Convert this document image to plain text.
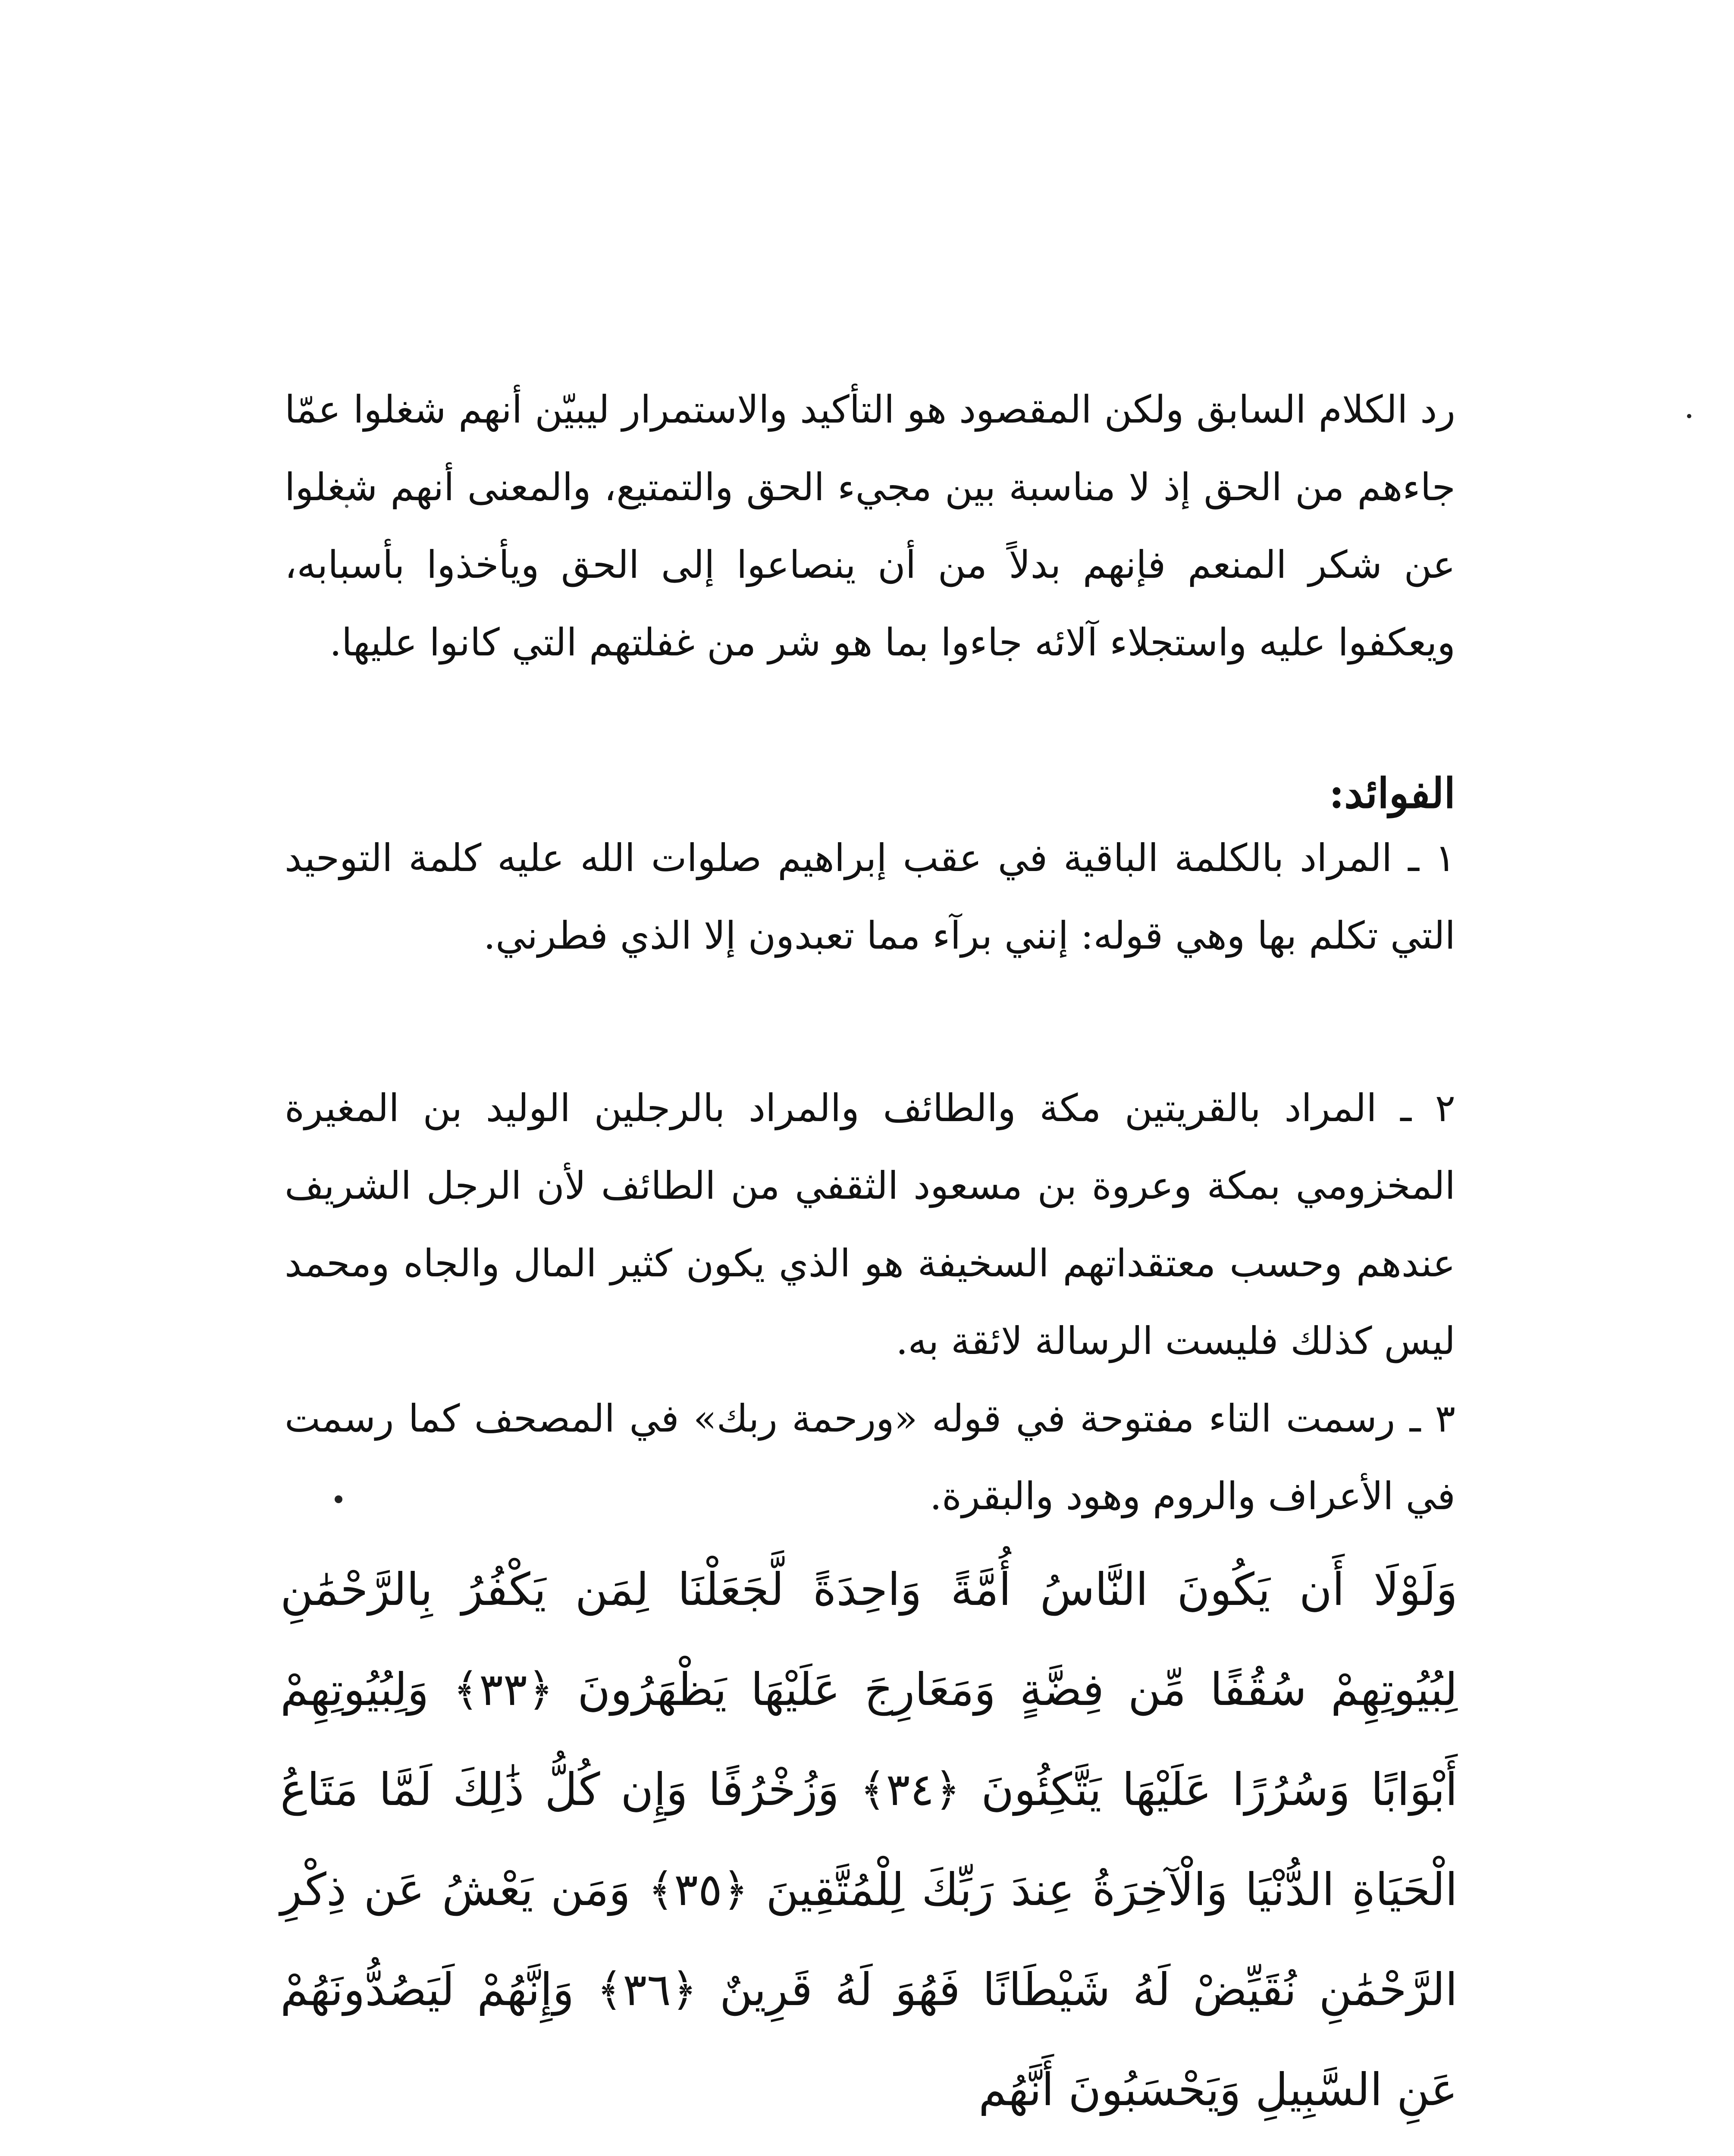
رد الكلام السابق ولكن المقصود هو التأكيد والاستمرار ليبيّن أنهم شغلوا عمّا جاءهم من الحق إذ لا مناسبة بين مجيء الحق والتمتيع، والمعنى أنهم شغلوا عن شكر المنعم فإنهم بدلاً من أن ينصاعوا إلى الحق ويأخذوا بأسبابه، ويعكفوا عليه واستجلاء آلائه جاءوا بما هو شر من غفلتهم التي كانوا عليها.

الفوائد:

١ ـ المراد بالكلمة الباقية في عقب إبراهيم صلوات الله عليه كلمة التوحيد التي تكلم بها وهي قوله: إنني برآء مما تعبدون إلا الذي فطرني.

٢ ـ المراد بالقريتين مكة والطائف والمراد بالرجلين الوليد بن المغيرة المخزومي بمكة وعروة بن مسعود الثقفي من الطائف لأن الرجل الشريف عندهم وحسب معتقداتهم السخيفة هو الذي يكون كثير المال والجاه ومحمد ليس كذلك فليست الرسالة لائقة به.

٣ ـ رسمت التاء مفتوحة في قوله «ورحمة ربك» في المصحف كما رسمت في الأعراف والروم وهود والبقرة.

وَلَوْلَا أَن يَكُونَ النَّاسُ أُمَّةً وَاحِدَةً لَّجَعَلْنَا لِمَن يَكْفُرُ بِالرَّحْمَٰنِ لِبُيُوتِهِمْ سُقُفًا مِّن فِضَّةٍ وَمَعَارِجَ عَلَيْهَا يَظْهَرُونَ ﴿٣٣﴾ وَلِبُيُوتِهِمْ أَبْوَابًا وَسُرُرًا عَلَيْهَا يَتَّكِئُونَ ﴿٣٤﴾ وَزُخْرُفًا وَإِن كُلُّ ذَٰلِكَ لَمَّا مَتَاعُ الْحَيَاةِ الدُّنْيَا وَالْآخِرَةُ عِندَ رَبِّكَ لِلْمُتَّقِينَ ﴿٣٥﴾ وَمَن يَعْشُ عَن ذِكْرِ الرَّحْمَٰنِ نُقَيِّضْ لَهُ شَيْطَانًا فَهُوَ لَهُ قَرِينٌ ﴿٣٦﴾ وَإِنَّهُمْ لَيَصُدُّونَهُمْ عَنِ السَّبِيلِ وَيَحْسَبُونَ أَنَّهُم
